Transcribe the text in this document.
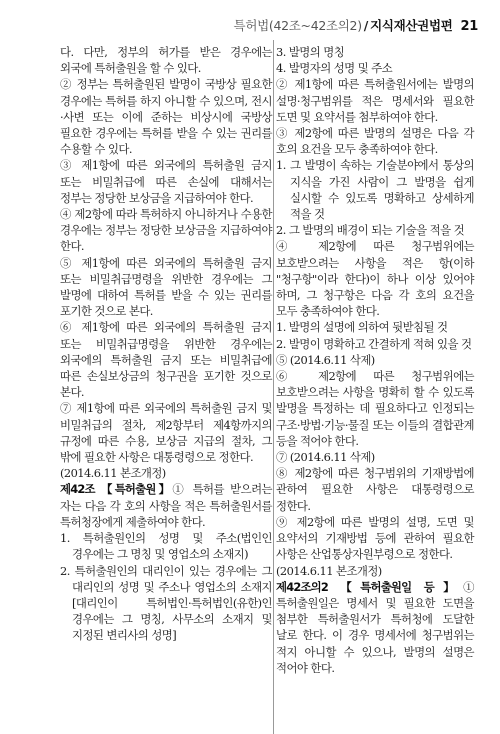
특허법(42조~42조의2) / 지식재산권법편 21

다. 다만, 정부의 허가를 받은 경우에는 외국에 특허출원을 할 수 있다.

② 정부는 특허출원된 발명이 국방상 필요한 경우에는 특허를 하지 아니할 수 있으며, 전시·사변 또는 이에 준하는 비상시에 국방상 필요한 경우에는 특허를 받을 수 있는 권리를 수용할 수 있다.

③ 제1항에 따른 외국에의 특허출원 금지 또는 비밀취급에 따른 손실에 대해서는 정부는 정당한 보상금을 지급하여야 한다.

④ 제2항에 따라 특허하지 아니하거나 수용한 경우에는 정부는 정당한 보상금을 지급하여야 한다.

⑤ 제1항에 따른 외국에의 특허출원 금지 또는 비밀취급명령을 위반한 경우에는 그 발명에 대하여 특허를 받을 수 있는 권리를 포기한 것으로 본다.

⑥ 제1항에 따른 외국에의 특허출원 금지 또는 비밀취급명령을 위반한 경우에는 외국에의 특허출원 금지 또는 비밀취급에 따른 손실보상금의 청구권을 포기한 것으로 본다.

⑦ 제1항에 따른 외국에의 특허출원 금지 및 비밀취급의 절차, 제2항부터 제4항까지의 규정에 따른 수용, 보상금 지급의 절차, 그 밖에 필요한 사항은 대통령령으로 정한다.

(2014.6.11 본조개정)

제42조 【특허출원】① 특허를 받으려는 자는 다음 각 호의 사항을 적은 특허출원서를 특허청장에게 제출하여야 한다.

1. 특허출원인의 성명 및 주소(법인인 경우에는 그 명칭 및 영업소의 소재지)

2. 특허출원인의 대리인이 있는 경우에는 그 대리인의 성명 및 주소나 영업소의 소재지[대리인이 특허법인·특허법인(유한)인 경우에는 그 명칭, 사무소의 소재지 및 지정된 변리사의 성명]

3. 발명의 명칭

4. 발명자의 성명 및 주소

② 제1항에 따른 특허출원서에는 발명의 설명·청구범위를 적은 명세서와 필요한 도면 및 요약서를 첨부하여야 한다.

③ 제2항에 따른 발명의 설명은 다음 각 호의 요건을 모두 충족하여야 한다.

1. 그 발명이 속하는 기술분야에서 통상의 지식을 가진 사람이 그 발명을 쉽게 실시할 수 있도록 명확하고 상세하게 적을 것

2. 그 발명의 배경이 되는 기술을 적을 것

④ 제2항에 따른 청구범위에는 보호받으려는 사항을 적은 항(이하 "청구항"이라 한다)이 하나 이상 있어야 하며, 그 청구항은 다음 각 호의 요건을 모두 충족하여야 한다.

1. 발명의 설명에 의하여 뒷받침될 것

2. 발명이 명확하고 간결하게 적혀 있을 것

⑤ (2014.6.11 삭제)

⑥ 제2항에 따른 청구범위에는 보호받으려는 사항을 명확히 할 수 있도록 발명을 특정하는 데 필요하다고 인정되는 구조·방법·기능·물질 또는 이들의 결합관계 등을 적어야 한다.

⑦ (2014.6.11 삭제)

⑧ 제2항에 따른 청구범위의 기재방법에 관하여 필요한 사항은 대통령령으로 정한다.

⑨ 제2항에 따른 발명의 설명, 도면 및 요약서의 기재방법 등에 관하여 필요한 사항은 산업통상자원부령으로 정한다.

(2014.6.11 본조개정)

제42조의2 【특허출원일 등】① 특허출원일은 명세서 및 필요한 도면을 첨부한 특허출원서가 특허청에 도달한 날로 한다. 이 경우 명세서에 청구범위는 적지 아니할 수 있으나, 발명의 설명은 적어야 한다.
